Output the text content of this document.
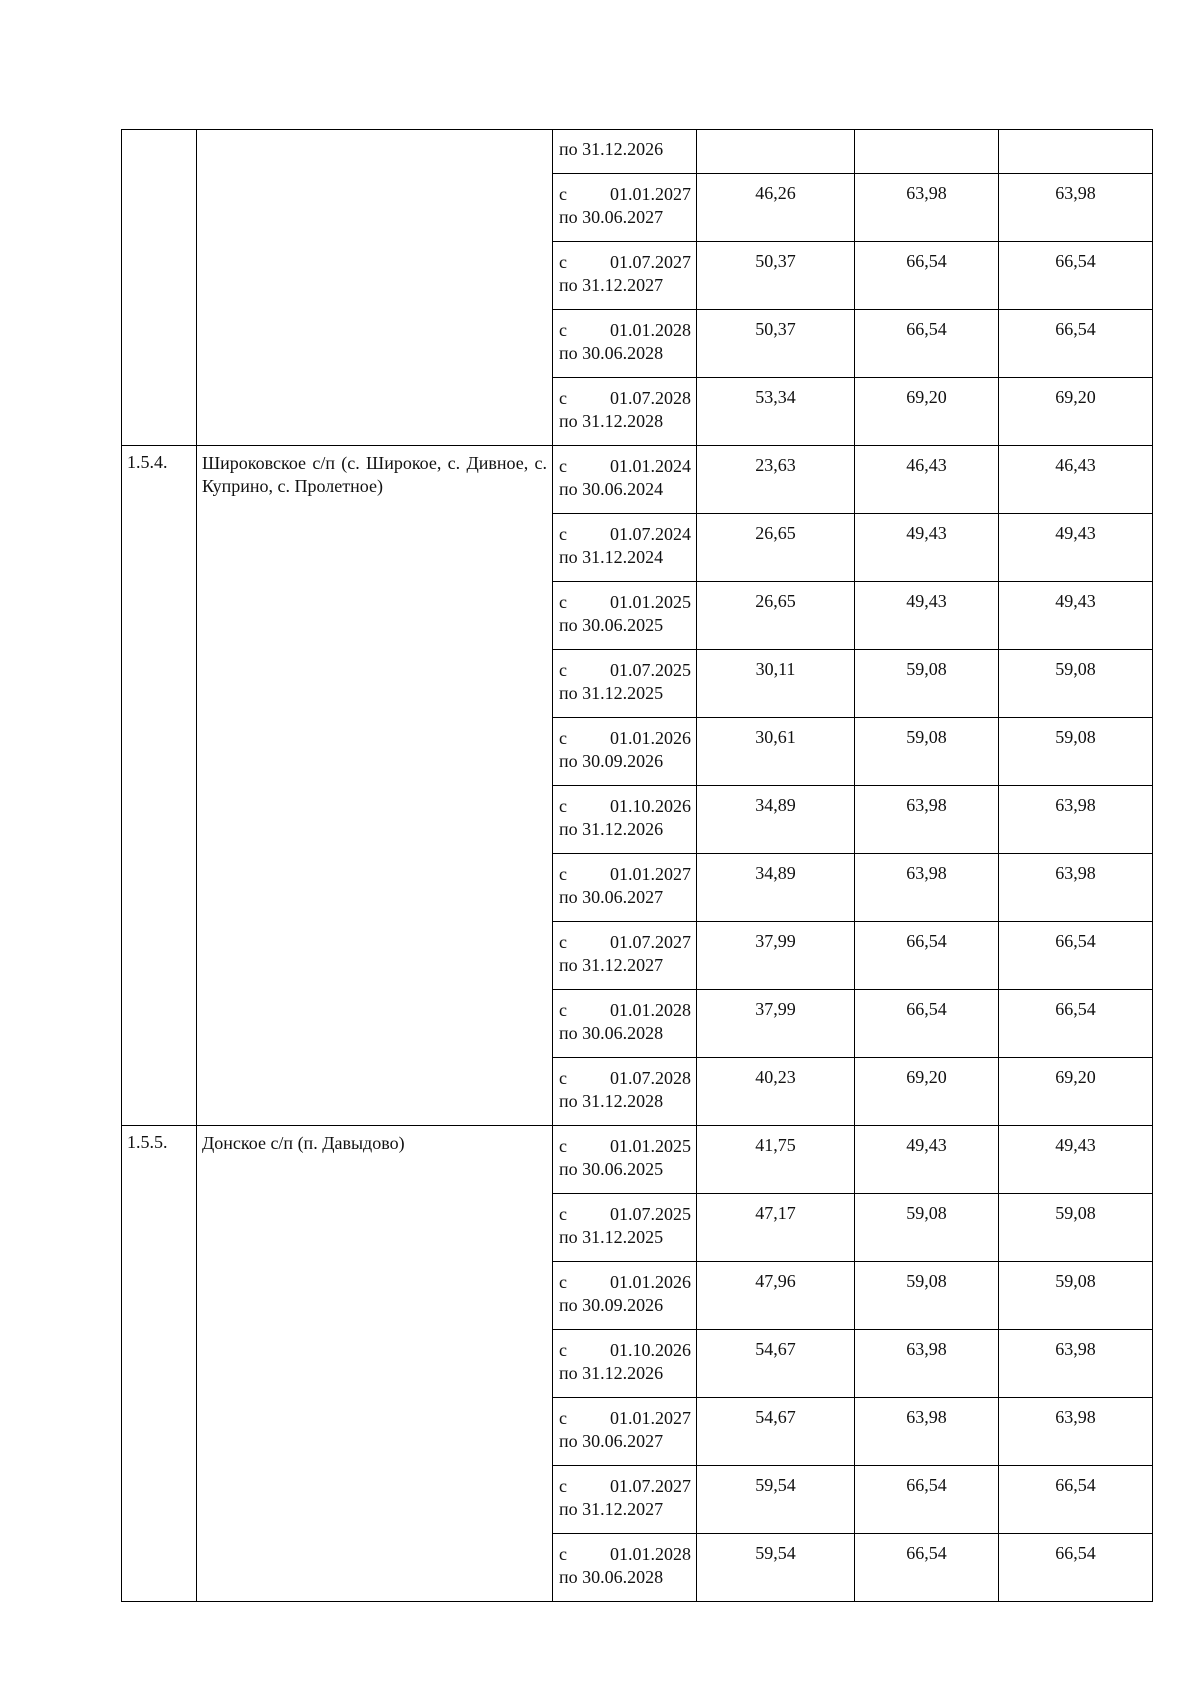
		по 31.12.2026			

		с 01.01.2027
по 30.06.2027	46,26	63,98	63,98

		с 01.07.2027
по 31.12.2027	50,37	66,54	66,54

		с 01.01.2028
по 30.06.2028	50,37	66,54	66,54

		с 01.07.2028
по 31.12.2028	53,34	69,20	69,20
1.5.4.	Широковское с/п (с. Широкое, с. Дивное, с. Куприно, с. Пролетное)	с 01.01.2024
по 30.06.2024	23,63	46,43	46,43

		с 01.07.2024
по 31.12.2024	26,65	49,43	49,43

		с 01.01.2025
по 30.06.2025	26,65	49,43	49,43

		с 01.07.2025
по 31.12.2025	30,11	59,08	59,08

		с 01.01.2026
по 30.09.2026	30,61	59,08	59,08

		с 01.10.2026
по 31.12.2026	34,89	63,98	63,98

		с 01.01.2027
по 30.06.2027	34,89	63,98	63,98

		с 01.07.2027
по 31.12.2027	37,99	66,54	66,54

		с 01.01.2028
по 30.06.2028	37,99	66,54	66,54

		с 01.07.2028
по 31.12.2028	40,23	69,20	69,20
1.5.5.	Донское с/п (п. Давыдово)	с 01.01.2025
по 30.06.2025	41,75	49,43	49,43

		с 01.07.2025
по 31.12.2025	47,17	59,08	59,08

		с 01.01.2026
по 30.09.2026	47,96	59,08	59,08

		с 01.10.2026
по 31.12.2026	54,67	63,98	63,98

		с 01.01.2027
по 30.06.2027	54,67	63,98	63,98

		с 01.07.2027
по 31.12.2027	59,54	66,54	66,54

		с 01.01.2028
по 30.06.2028	59,54	66,54	66,54
